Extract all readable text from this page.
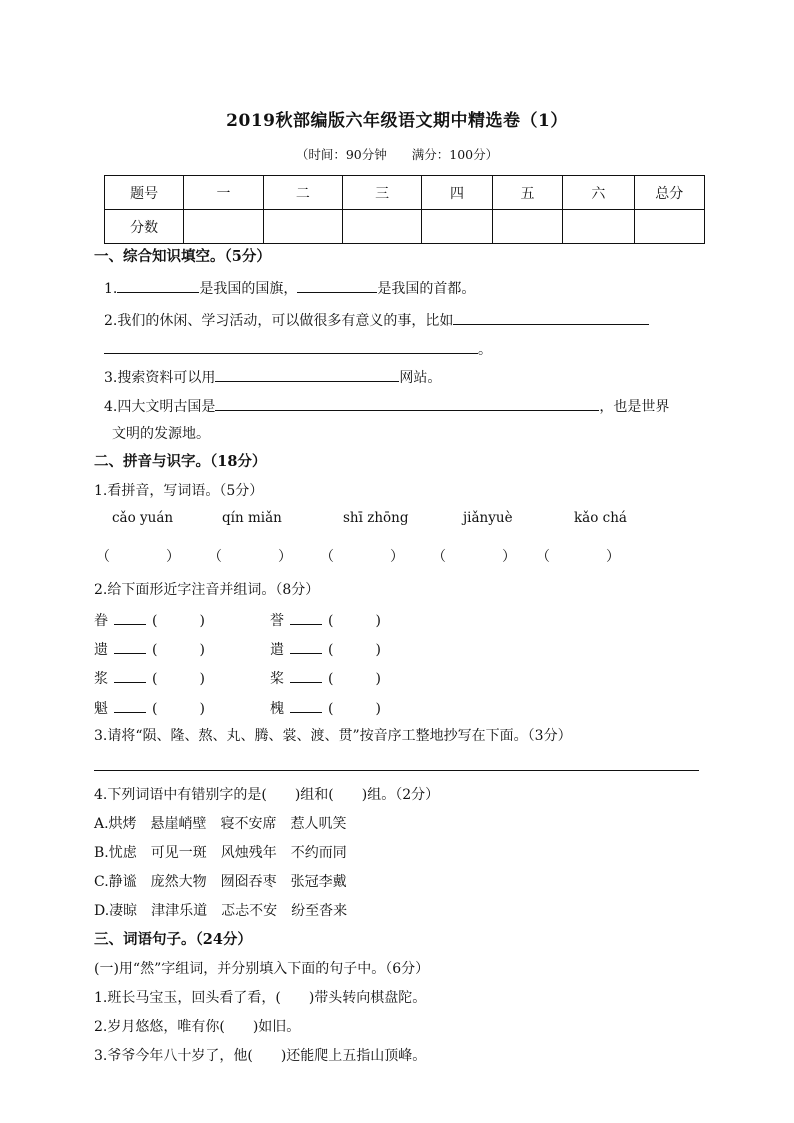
2019秋部编版六年级语文期中精选卷（1）
（时间：90分钟　　满分：100分）
题号	一	二	三	四	五	六	总分
分数							
一、综合知识填空。（5分）
1.	是我国的国旗，	是我国的首都。
2.我们的休闲、学习活动，可以做很多有意义的事，比如
。
3.搜索资料可以用	网站。
4.四大文明古国是	，也是世界
文明的发源地。
二、拼音与识字。（18分）
1.看拼音，写词语。（5分）
cǎo yuán	qín miǎn	shī zhōng	jiǎnyuè	kǎo chá
（	） （	） （	） （	） （	）
2.给下面形近字注音并组词。（8分）
眷	(	)	誉	(	)
遗	(	)	遣	(	)
浆	(	)	桨	(	)
魁	(	)	槐	(	)
3.请将“陨、隆、熬、丸、腾、裳、渡、贯”按音序工整地抄写在下面。（3分）
4.下列词语中有错别字的是(　　)组和(　　)组。（2分）
A.烘烤　悬崖峭壁　寝不安席　惹人叽笑
B.忧虑　可见一斑　风烛残年　不约而同
C.静谧　庞然大物　囫囵吞枣　张冠李戴
D.凄晾　津津乐道　忑忐不安　纷至沓来
三、词语句子。（24分）
(一)用“然”字组词，并分别填入下面的句子中。（6分）
1.班长马宝玉，回头看了看，(　　)带头转向棋盘陀。
2.岁月悠悠，唯有你(　　)如旧。
3.爷爷今年八十岁了，他(　　)还能爬上五指山顶峰。
